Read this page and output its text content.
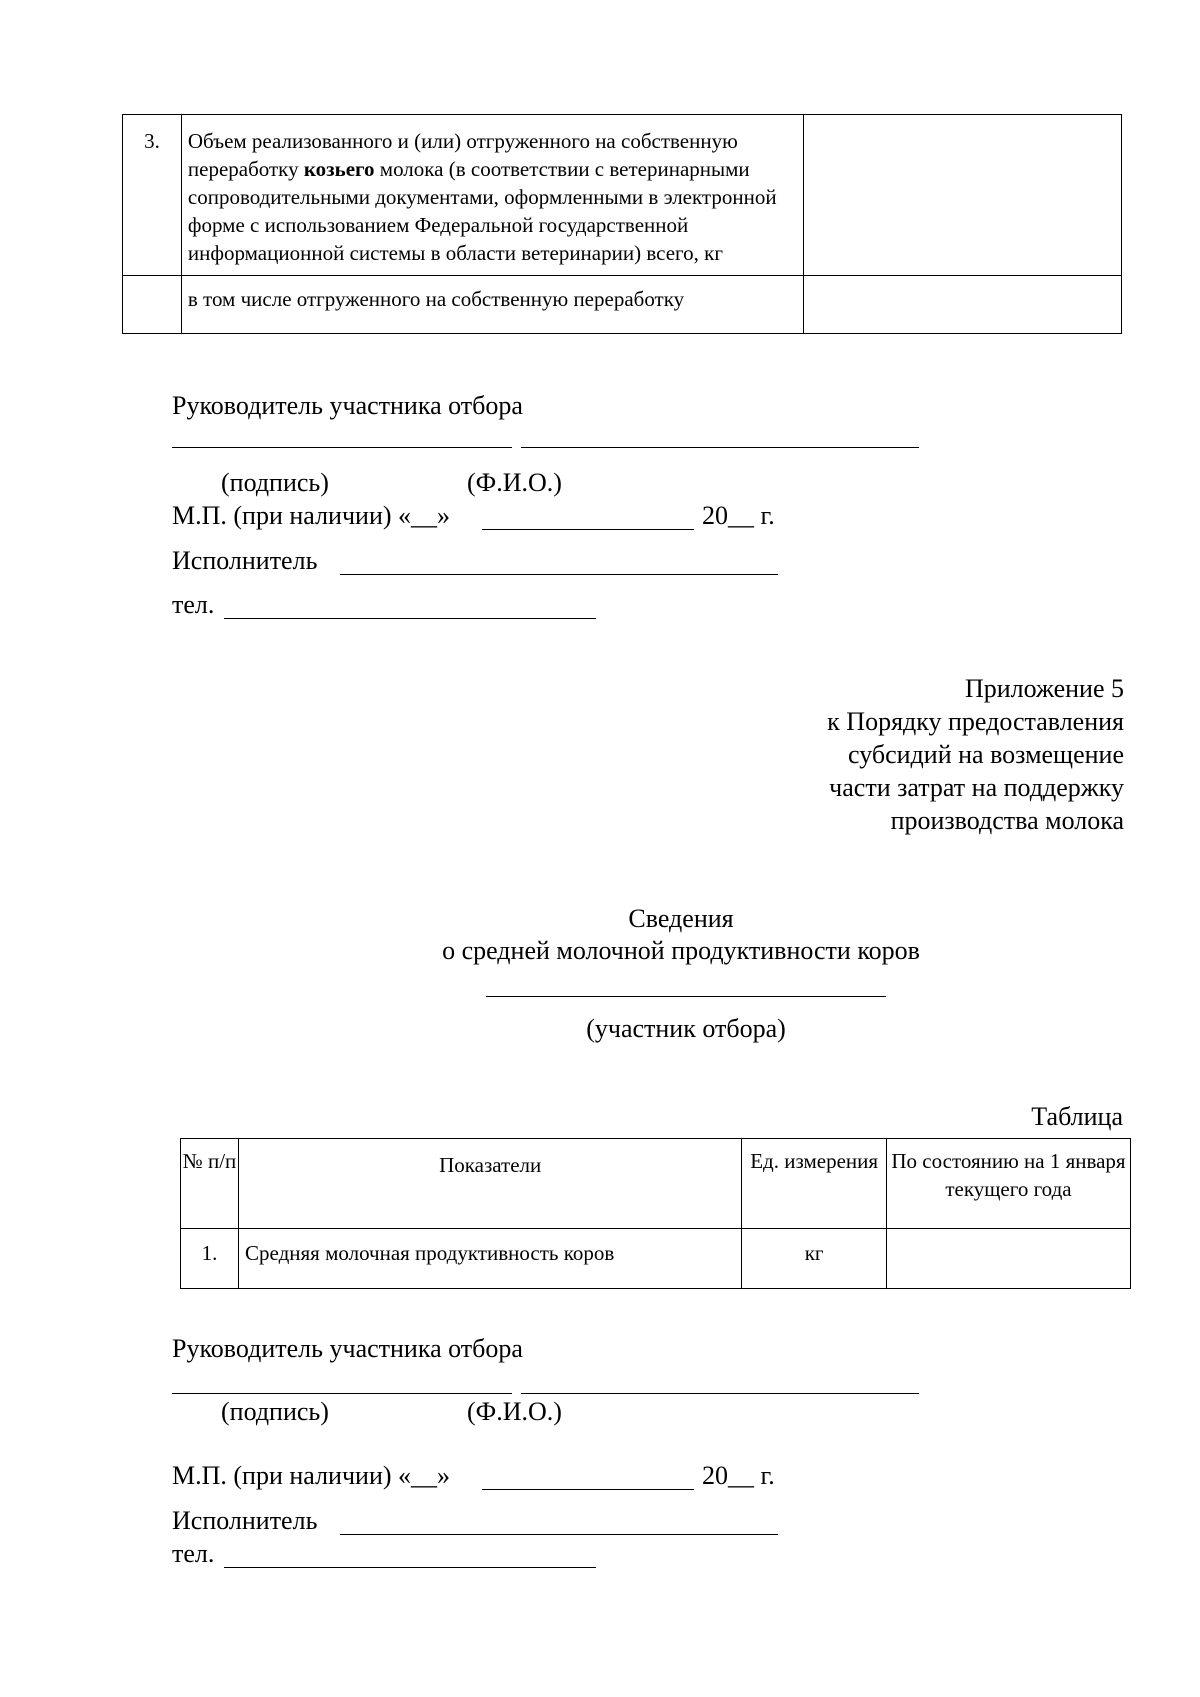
3.	Объем реализованного и (или) отгруженного на собственную переработку козьего молока (в соответствии с ветеринарными сопроводительными документами, оформленными в электронной форме с использованием Федеральной государственной информационной системы в области ветеринарии) всего, кг	
	в том числе отгруженного на собственную переработку	
Руководитель участника отбора
(подпись)	(Ф.И.О.)
М.П. (при наличии) «__»	20__ г.
Исполнитель
тел.
Приложение 5
к Порядку предоставления
субсидий на возмещение
части затрат на поддержку
производства молока
Сведения
о средней молочной продуктивности коров
(участник отбора)
Таблица
№ п/п	Показатели	Ед. измерения	По состоянию на 1 января текущего года
1.	Средняя молочная продуктивность коров	кг	
Руководитель участника отбора
(подпись)	(Ф.И.О.)
М.П. (при наличии) «__»	20__ г.
Исполнитель
тел.
